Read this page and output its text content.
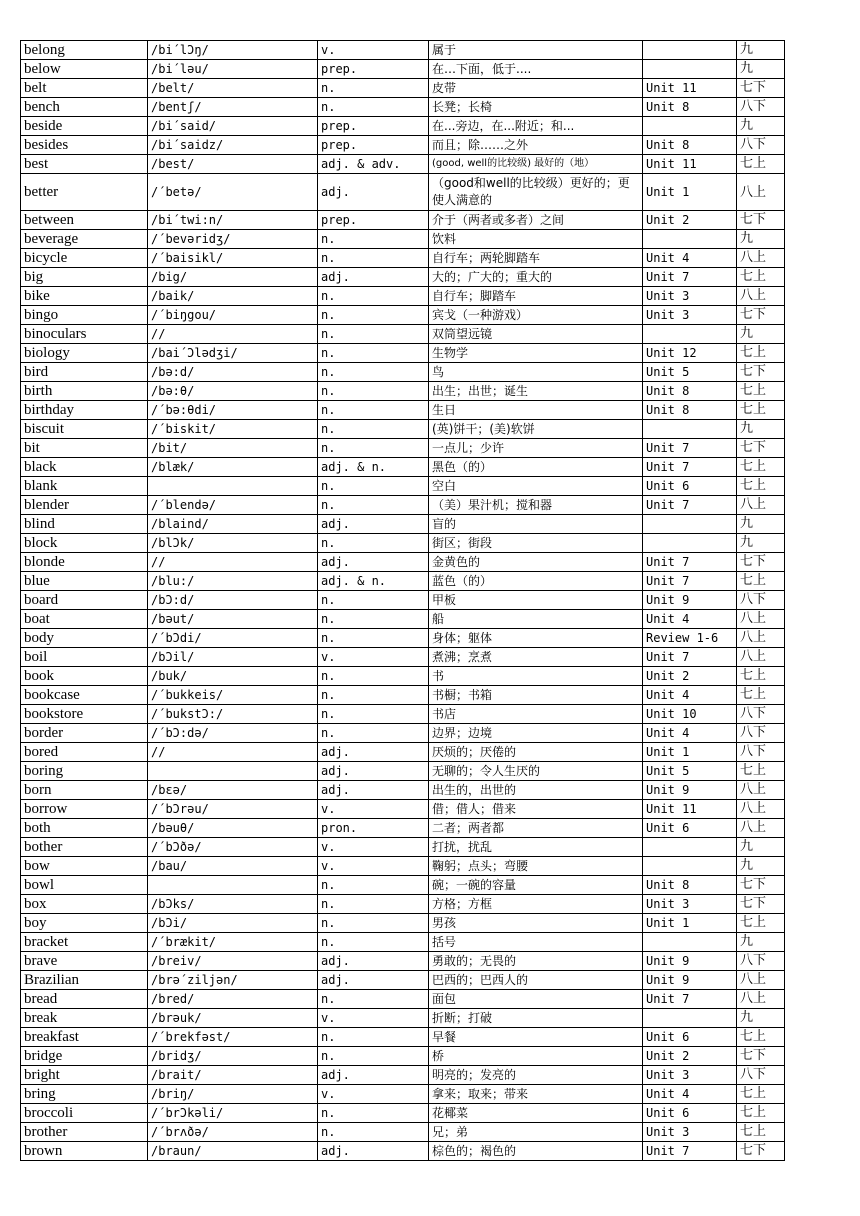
belong	/bi´lƆŋ/	v.	属于		九
below	/bi´ləu/	prep.	在…下面，低于....		九
belt	/belt/	n.	皮带	Unit 11	七下
bench	/bentʃ/	n.	长凳；长椅	Unit 8	八下
beside	/bi´said/	prep.	在...旁边，在...附近；和...		九
besides	/bi´saidz/	prep.	而且；除……之外	Unit 8	八下
best	/best/	adj. & adv.	(good, well的比较级) 最好的（地）	Unit 11	七上
better	/´betə/	adj.	（good和well的比较级）更好的；更使人满意的	Unit 1	八上
between	/bi´twi:n/	prep.	介于（两者或多者）之间	Unit 2	七下
beverage	/´bevəridʒ/	n.	饮料		九
bicycle	/´baisikl/	n.	自行车；两轮脚踏车	Unit 4	八上
big	/big/	adj.	大的；广大的；重大的	Unit 7	七上
bike	/baik/	n.	自行车；脚踏车	Unit 3	八上
bingo	/´biŋgou/	n.	宾戈（一种游戏）	Unit 3	七下
binoculars	//	n.	双筒望远镜		九
biology	/bai´Ɔlədʒi/	n.	生物学	Unit 12	七上
bird	/bə:d/	n.	鸟	Unit 5	七下
birth	/bə:θ/	n.	出生；出世；诞生	Unit 8	七上
birthday	/´bə:θdi/	n.	生日	Unit 8	七上
biscuit	/´biskit/	n.	(英)饼干；(美)软饼		九
bit	/bit/	n.	一点儿；少许	Unit 7	七下
black	/blæk/	adj. & n.	黑色（的）	Unit 7	七上
blank		n.	空白	Unit 6	七上
blender	/´blendə/	n.	（美）果汁机；搅和器	Unit 7	八上
blind	/blaind/	adj.	盲的		九
block	/blƆk/	n.	街区；街段		九
blonde	//	adj.	金黄色的	Unit 7	七下
blue	/blu:/	adj. & n.	蓝色（的）	Unit 7	七上
board	/bƆ:d/	n.	甲板	Unit 9	八下
boat	/bəut/	n.	船	Unit 4	八上
body	/´bƆdi/	n.	身体；躯体	Review 1-6	八上
boil	/bƆil/	v.	煮沸；烹煮	Unit 7	八上
book	/buk/	n.	书	Unit 2	七上
bookcase	/´bukkeis/	n.	书橱；书箱	Unit 4	七上
bookstore	/´bukstƆ:/	n.	书店	Unit 10	八下
border	/´bƆ:də/	n.	边界；边境	Unit 4	八下
bored	//	adj.	厌烦的；厌倦的	Unit 1	八下
boring		adj.	无聊的；令人生厌的	Unit 5	七上
born	/bεə/	adj.	出生的，出世的	Unit 9	八上
borrow	/´bƆrəu/	v.	借；借人；借来	Unit 11	八上
both	/bəuθ/	pron.	二者；两者都	Unit 6	八上
bother	/´bƆðə/	v.	打扰，扰乱		九
bow	/bau/	v.	鞠躬；点头；弯腰		九
bowl		n.	碗；一碗的容量	Unit 8	七下
box	/bƆks/	n.	方格；方框	Unit 3	七下
boy	/bƆi/	n.	男孩	Unit 1	七上
bracket	/´brækit/	n.	括号		九
brave	/breiv/	adj.	勇敢的；无畏的	Unit 9	八下
Brazilian	/brə´ziljən/	adj.	巴西的；巴西人的	Unit 9	八上
bread	/bred/	n.	面包	Unit 7	八上
break	/brəuk/	v.	折断；打破		九
breakfast	/´brekfəst/	n.	早餐	Unit 6	七上
bridge	/bridʒ/	n.	桥	Unit 2	七下
bright	/brait/	adj.	明亮的；发亮的	Unit 3	八下
bring	/briŋ/	v.	拿来；取来；带来	Unit 4	七上
broccoli	/´brƆkəli/	n.	花椰菜	Unit 6	七上
brother	/´brʌðə/	n.	兄；弟	Unit 3	七上
brown	/braun/	adj.	棕色的；褐色的	Unit 7	七下
